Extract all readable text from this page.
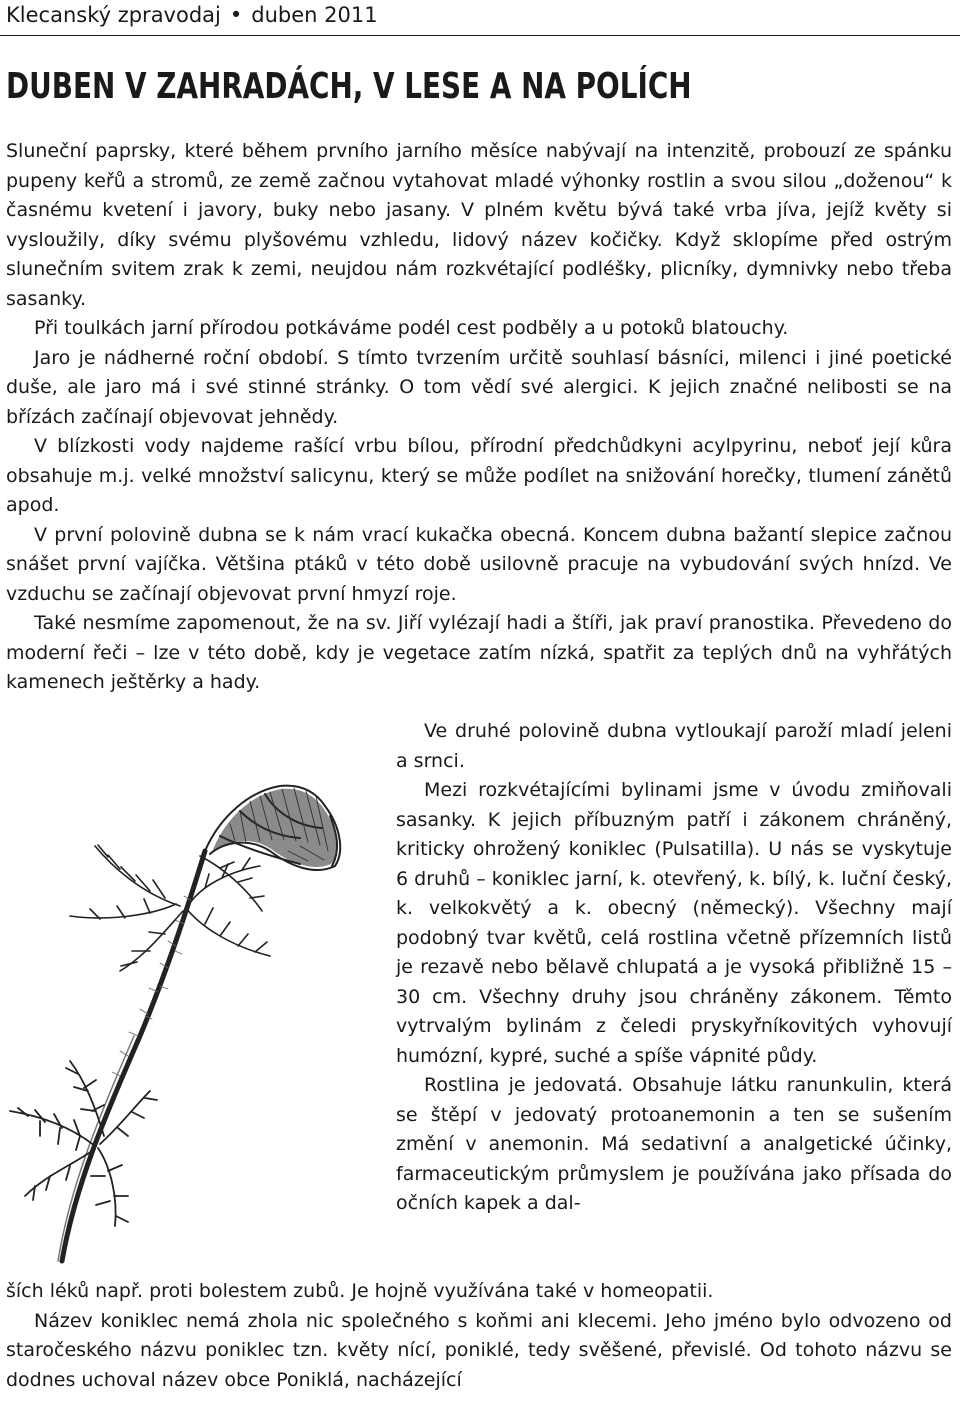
Klecanský zpravodaj • duben 2011
DUBEN V ZAHRADÁCH, V LESE A NA POLÍCH

Sluneční paprsky, které během prvního jarního měsíce nabývají na intenzitě, probouzí ze spánku pupeny keřů a stromů, ze země začnou vytahovat mladé výhonky rostlin a svou silou „doženou“ k časnému kvetení i javory, buky nebo jasany. V plném květu bývá také vrba jíva, jejíž květy si vysloužily, díky svému plyšovému vzhledu, lidový název kočičky. Když sklopíme před ostrým slunečním svitem zrak k zemi, neujdou nám rozkvétající podléšky, plicníky, dymnivky nebo třeba sasanky.

Při toulkách jarní přírodou potkáváme podél cest podběly a u potoků blatouchy.

Jaro je nádherné roční období. S tímto tvrzením určitě souhlasí básníci, milenci i jiné poetické duše, ale jaro má i své stinné stránky. O tom vědí své alergici. K jejich značné nelibosti se na břízách začínají objevovat jehnědy.

V blízkosti vody najdeme rašící vrbu bílou, přírodní předchůdkyni acylpyrinu, neboť její kůra obsahuje m.j. velké množství salicynu, který se může podílet na snižování horečky, tlumení zánětů apod.

V první polovině dubna se k nám vrací kukačka obecná. Koncem dubna bažantí slepice začnou snášet první vajíčka. Většina ptáků v této době usilovně pracuje na vybudování svých hnízd. Ve vzduchu se začínají objevovat první hmyzí roje.

Také nesmíme zapomenout, že na sv. Jiří vylézají hadi a štíři, jak praví pranostika. Převedeno do moderní řeči – lze v této době, kdy je vegetace zatím nízká, spatřit za teplých dnů na vyhřátých kamenech ještěrky a hady.

Ve druhé polovině dubna vytloukají paroží mladí jeleni a srnci.

Mezi rozkvétajícími bylinami jsme v úvodu zmiňovali sasanky. K jejich příbuzným patří i zákonem chráněný, kriticky ohrožený koniklec (Pulsatilla). U nás se vyskytuje 6 druhů – koniklec jarní, k. otevřený, k. bílý, k. luční český, k. velkokvětý a k. obecný (německý). Všechny mají podobný tvar květů, celá rostlina včetně přízemních listů je rezavě nebo bělavě chlupatá a je vysoká přibližně 15 – 30 cm. Všechny druhy jsou chráněny zákonem. Těmto vytrvalým bylinám z čeledi pryskyřníkovitých vyhovují humózní, kypré, suché a spíše vápnité půdy.

Rostlina je jedovatá. Obsahuje látku ranunkulin, která se štěpí v jedovatý protoanemonin a ten se sušením změní v anemonin. Má sedativní a analgetické účinky, farmaceutickým průmyslem je používána jako přísada do očních kapek a dal-

ších léků např. proti bolestem zubů. Je hojně využívána také v homeopatii.

Název koniklec nemá zhola nic společného s koňmi ani klecemi. Jeho jméno bylo odvozeno od staročeského názvu poniklec tzn. květy nící, poniklé, tedy svěšené, převislé. Od tohoto názvu se dodnes uchoval název obce Poniklá, nacházející
